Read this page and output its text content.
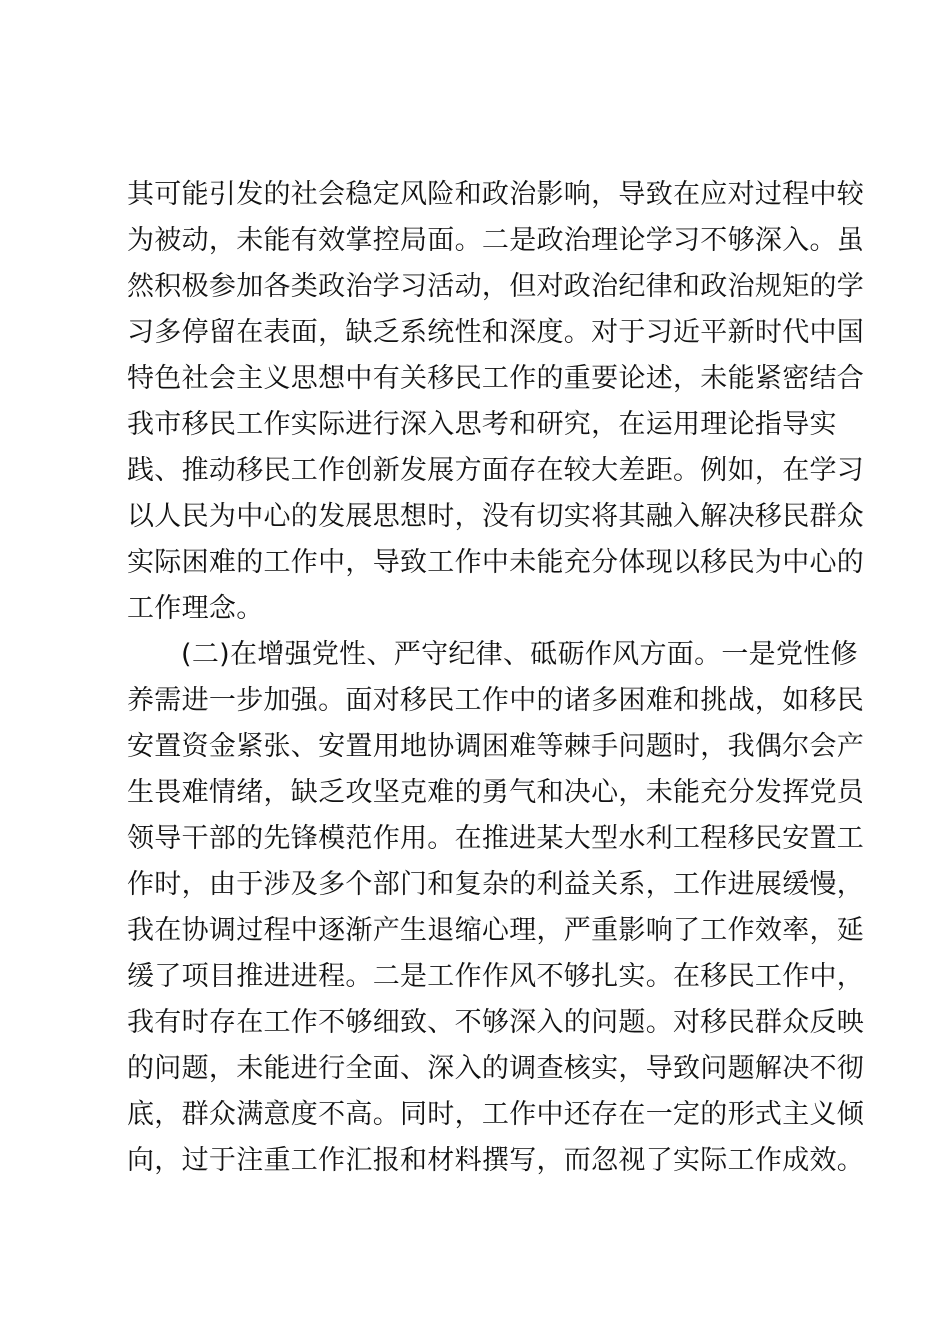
其可能引发的社会稳定风险和政治影响，导致在应对过程中较
为被动，未能有效掌控局面。二是政治理论学习不够深入。虽
然积极参加各类政治学习活动，但对政治纪律和政治规矩的学
习多停留在表面，缺乏系统性和深度。对于习近平新时代中国
特色社会主义思想中有关移民工作的重要论述，未能紧密结合
我市移民工作实际进行深入思考和研究，在运用理论指导实
践、推动移民工作创新发展方面存在较大差距。例如，在学习
以人民为中心的发展思想时，没有切实将其融入解决移民群众
实际困难的工作中，导致工作中未能充分体现以移民为中心的
工作理念。
(二)在增强党性、严守纪律、砥砺作风方面。一是党性修
养需进一步加强。面对移民工作中的诸多困难和挑战，如移民
安置资金紧张、安置用地协调困难等棘手问题时，我偶尔会产
生畏难情绪，缺乏攻坚克难的勇气和决心，未能充分发挥党员
领导干部的先锋模范作用。在推进某大型水利工程移民安置工
作时，由于涉及多个部门和复杂的利益关系，工作进展缓慢，
我在协调过程中逐渐产生退缩心理，严重影响了工作效率，延
缓了项目推进进程。二是工作作风不够扎实。在移民工作中，
我有时存在工作不够细致、不够深入的问题。对移民群众反映
的问题，未能进行全面、深入的调查核实，导致问题解决不彻
底，群众满意度不高。同时，工作中还存在一定的形式主义倾
向，过于注重工作汇报和材料撰写，而忽视了实际工作成效。
